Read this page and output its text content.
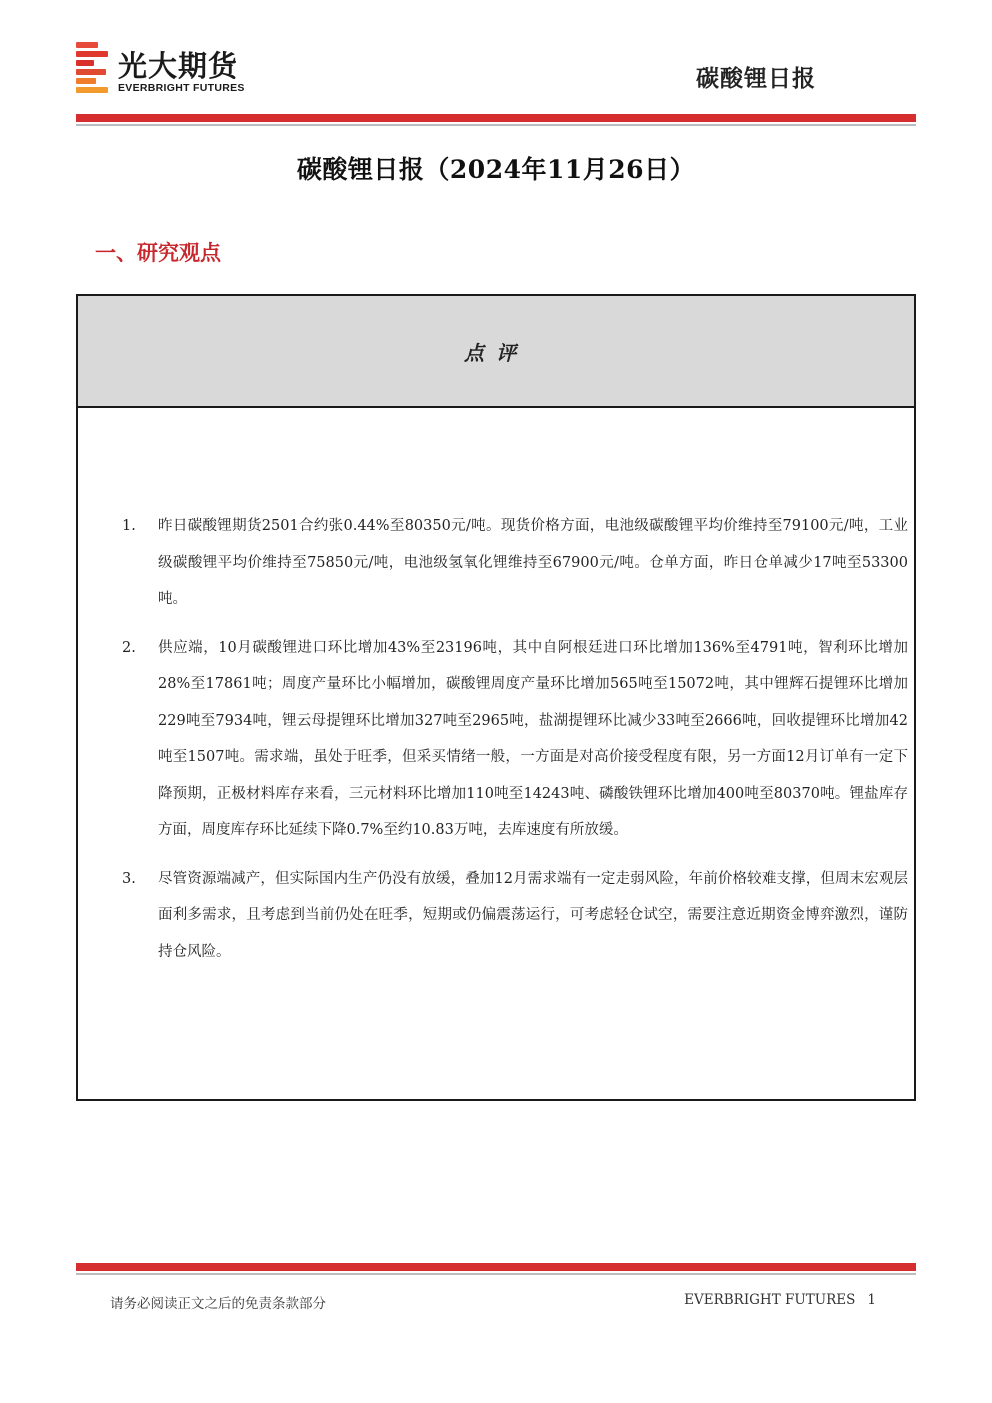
光大期货
EVERBRIGHT FUTURES	碳酸锂日报
碳酸锂日报（2024年11月26日）
一、研究观点
点评
1. 昨日碳酸锂期货2501合约张0.44%至80350元/吨。现货价格方面，电池级碳酸锂平均价维持至79100元/吨，工业级碳酸锂平均价维持至75850元/吨，电池级氢氧化锂维持至67900元/吨。仓单方面，昨日仓单减少17吨至53300吨。
2. 供应端，10月碳酸锂进口环比增加43%至23196吨，其中自阿根廷进口环比增加136%至4791吨，智利环比增加28%至17861吨；周度产量环比小幅增加，碳酸锂周度产量环比增加565吨至15072吨，其中锂辉石提锂环比增加229吨至7934吨，锂云母提锂环比增加327吨至2965吨，盐湖提锂环比减少33吨至2666吨，回收提锂环比增加42吨至1507吨。需求端，虽处于旺季，但采买情绪一般，一方面是对高价接受程度有限，另一方面12月订单有一定下降预期，正极材料库存来看，三元材料环比增加110吨至14243吨、磷酸铁锂环比增加400吨至80370吨。锂盐库存方面，周度库存环比延续下降0.7%至约10.83万吨，去库速度有所放缓。
3. 尽管资源端减产，但实际国内生产仍没有放缓，叠加12月需求端有一定走弱风险，年前价格较难支撑，但周末宏观层面利多需求，且考虑到当前仍处在旺季，短期或仍偏震荡运行，可考虑轻仓试空，需要注意近期资金博弈激烈，谨防持仓风险。
请务必阅读正文之后的免责条款部分	EVERBRIGHT FUTURES 1
